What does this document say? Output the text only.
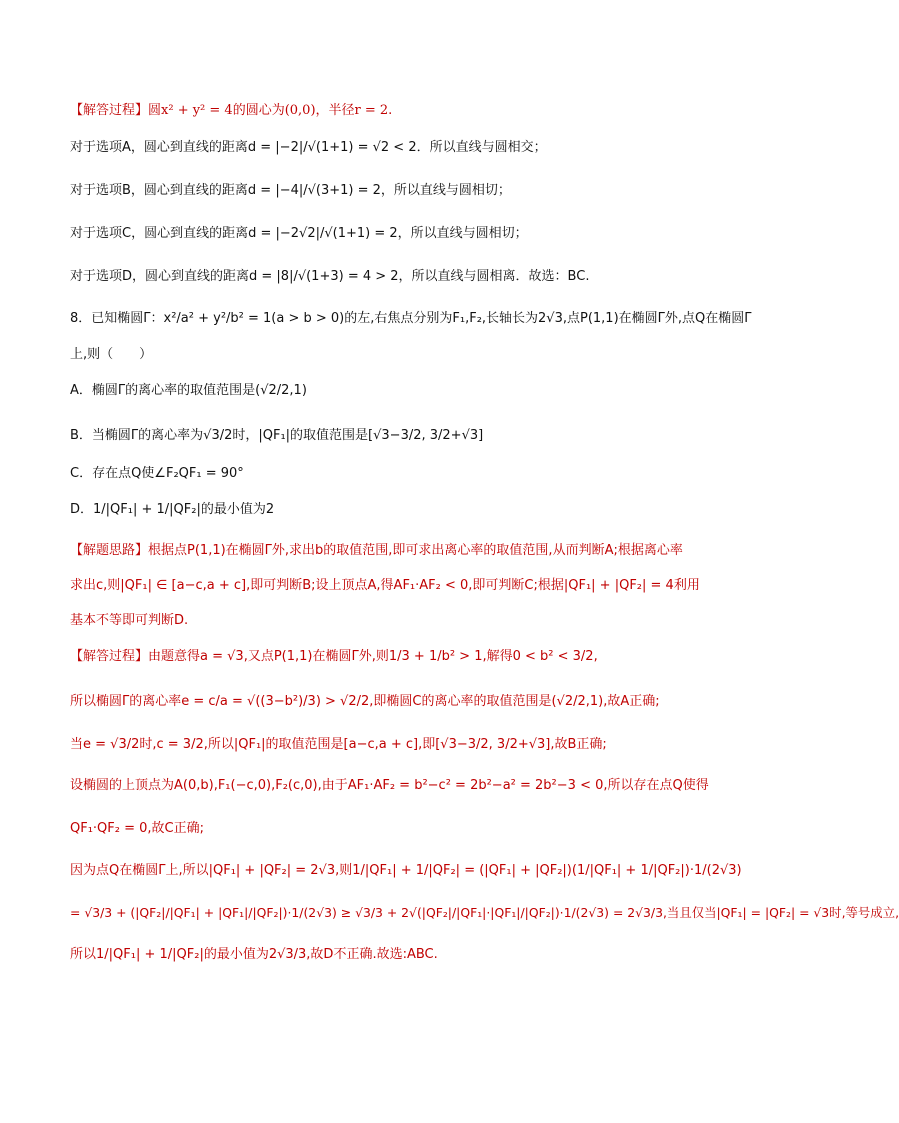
【解答过程】圆x² + y² = 4的圆心为(0,0)，半径r = 2.
对于选项A，圆心到直线的距离d = |−2|/√(1+1) = √2 < 2．所以直线与圆相交；
对于选项B，圆心到直线的距离d = |−4|/√(3+1) = 2，所以直线与圆相切；
对于选项C，圆心到直线的距离d = |−2√2|/√(1+1) = 2，所以直线与圆相切；
对于选项D，圆心到直线的距离d = |8|/√(1+3) = 4 > 2，所以直线与圆相离．故选：BC.
8．已知椭圆Γ：x²/a² + y²/b² = 1(a > b > 0)的左,右焦点分别为F₁,F₂,长轴长为2√3,点P(1,1)在椭圆Γ外,点Q在椭圆Γ
上,则（　　）
A．椭圆Γ的离心率的取值范围是(√2/2,1)
B．当椭圆Γ的离心率为√3/2时，|QF₁|的取值范围是[√3−3/2, 3/2+√3]
C．存在点Q使∠F₂QF₁ = 90°
D．1/|QF₁| + 1/|QF₂|的最小值为2
【解题思路】根据点P(1,1)在椭圆Γ外,求出b的取值范围,即可求出离心率的取值范围,从而判断A;根据离心率
求出c,则|QF₁| ∈ [a−c,a + c],即可判断B;设上顶点A,得AF₁·AF₂ < 0,即可判断C;根据|QF₁| + |QF₂| = 4利用
基本不等即可判断D.
【解答过程】由题意得a = √3,又点P(1,1)在椭圆Γ外,则1/3 + 1/b² > 1,解得0 < b² < 3/2,
所以椭圆Γ的离心率e = c/a = √((3−b²)/3) > √2/2,即椭圆C的离心率的取值范围是(√2/2,1),故A正确;
当e = √3/2时,c = 3/2,所以|QF₁|的取值范围是[a−c,a + c],即[√3−3/2, 3/2+√3],故B正确;
设椭圆的上顶点为A(0,b),F₁(−c,0),F₂(c,0),由于AF₁·AF₂ = b²−c² = 2b²−a² = 2b²−3 < 0,所以存在点Q使得
QF₁·QF₂ = 0,故C正确;
因为点Q在椭圆Γ上,所以|QF₁| + |QF₂| = 2√3,则1/|QF₁| + 1/|QF₂| = (|QF₁| + |QF₂|)(1/|QF₁| + 1/|QF₂|)·1/(2√3)
= √3/3 + (|QF₂|/|QF₁| + |QF₁|/|QF₂|)·1/(2√3) ≥ √3/3 + 2√(|QF₂|/|QF₁|·|QF₁|/|QF₂|)·1/(2√3) = 2√3/3,当且仅当|QF₁| = |QF₂| = √3时,等号成立,
所以1/|QF₁| + 1/|QF₂|的最小值为2√3/3,故D不正确.故选:ABC.
